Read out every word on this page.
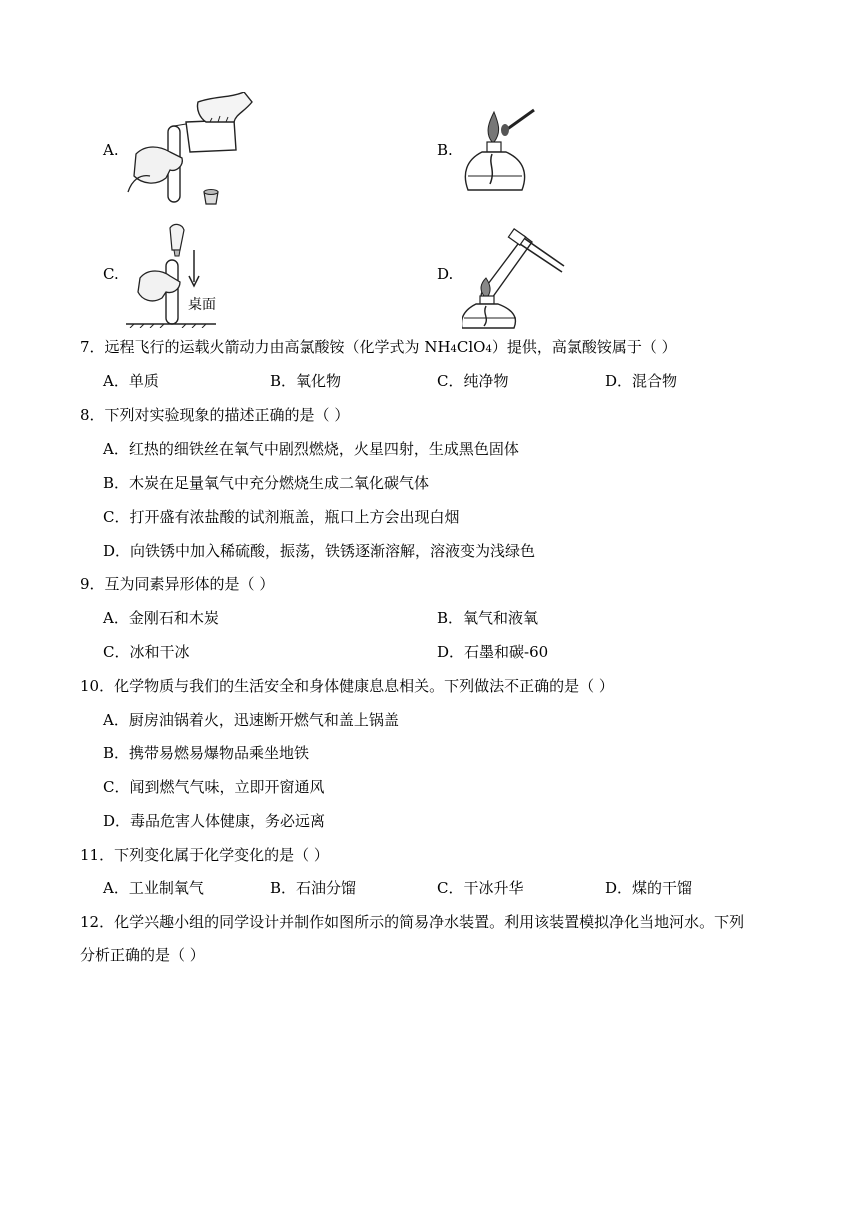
A.	B.
C.
桌面
D.
7．远程飞行的运载火箭动力由高氯酸铵（化学式为 NH4ClO4）提供，高氯酸铵属于（ ）
A．单质	B．氧化物	C．纯净物	D．混合物
8．下列对实验现象的描述正确的是（ ）
A．红热的细铁丝在氧气中剧烈燃烧，火星四射，生成黑色固体
B．木炭在足量氧气中充分燃烧生成二氧化碳气体
C．打开盛有浓盐酸的试剂瓶盖，瓶口上方会出现白烟
D．向铁锈中加入稀硫酸，振荡，铁锈逐渐溶解，溶液变为浅绿色
9．互为同素异形体的是（ ）
A．金刚石和木炭	B．氧气和液氧
C．冰和干冰	D．石墨和碳-60
10．化学物质与我们的生活安全和身体健康息息相关。下列做法不正确的是（ ）
A．厨房油锅着火，迅速断开燃气和盖上锅盖
B．携带易燃易爆物品乘坐地铁
C．闻到燃气气味，立即开窗通风
D．毒品危害人体健康，务必远离
11．下列变化属于化学变化的是（ ）
A．工业制氧气	B．石油分馏	C．干冰升华	D．煤的干馏
12．化学兴趣小组的同学设计并制作如图所示的简易净水装置。利用该装置模拟净化当地河水。下列
分析正确的是（ ）
